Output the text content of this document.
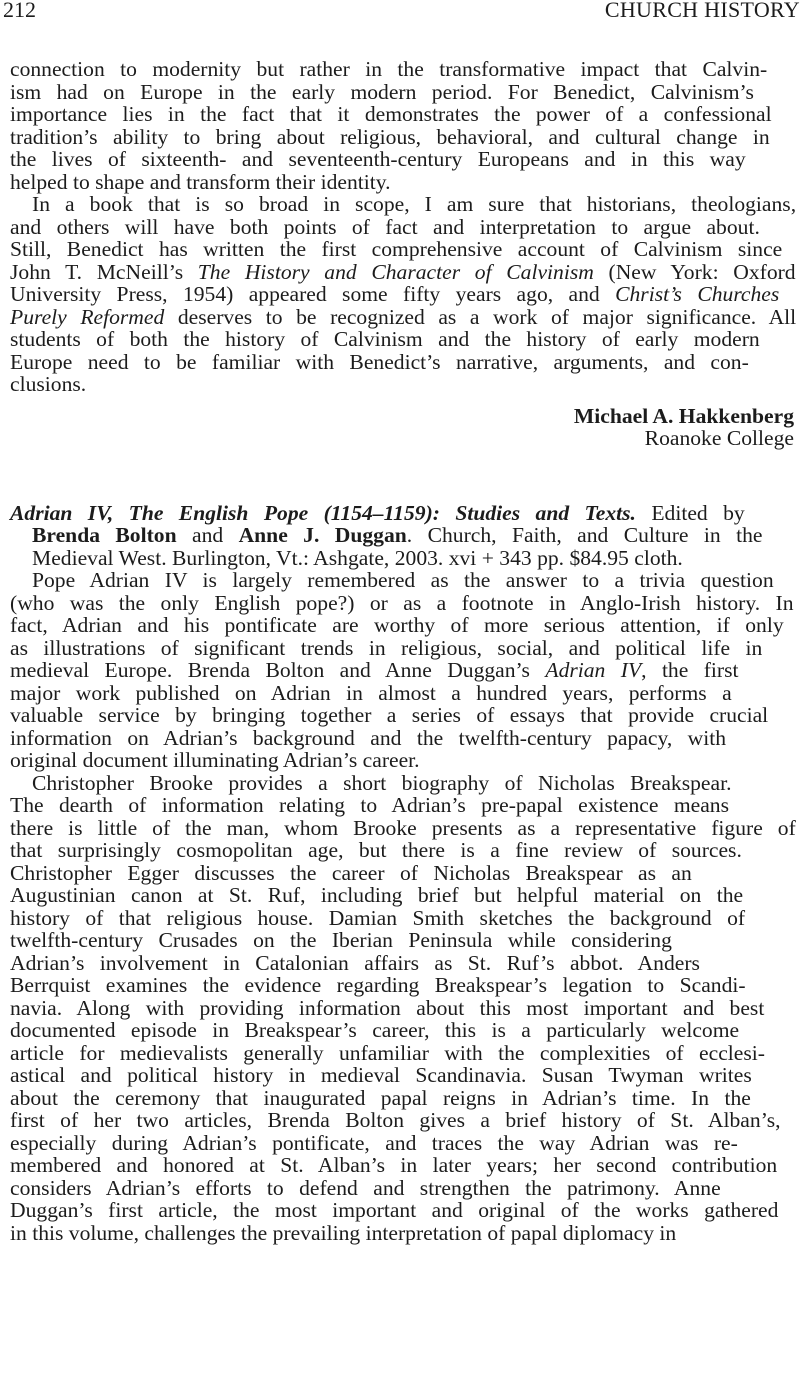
212	CHURCH HISTORY
connection to modernity but rather in the transformative impact that Calvin-
ism had on Europe in the early modern period. For Benedict, Calvinism’s
importance lies in the fact that it demonstrates the power of a confessional
tradition’s ability to bring about religious, behavioral, and cultural change in
the lives of sixteenth- and seventeenth-century Europeans and in this way
helped to shape and transform their identity.
In a book that is so broad in scope, I am sure that historians, theologians,
and others will have both points of fact and interpretation to argue about.
Still, Benedict has written the first comprehensive account of Calvinism since
John T. McNeill’s The History and Character of Calvinism (New York: Oxford
University Press, 1954) appeared some fifty years ago, and Christ’s Churches
Purely Reformed deserves to be recognized as a work of major significance. All
students of both the history of Calvinism and the history of early modern
Europe need to be familiar with Benedict’s narrative, arguments, and con-
clusions.
Michael A. Hakkenberg
Roanoke College
Adrian IV, The English Pope (1154–1159): Studies and Texts. Edited by
Brenda Bolton and Anne J. Duggan. Church, Faith, and Culture in the
Medieval West. Burlington, Vt.: Ashgate, 2003. xvi + 343 pp. $84.95 cloth.
Pope Adrian IV is largely remembered as the answer to a trivia question
(who was the only English pope?) or as a footnote in Anglo-Irish history. In
fact, Adrian and his pontificate are worthy of more serious attention, if only
as illustrations of significant trends in religious, social, and political life in
medieval Europe. Brenda Bolton and Anne Duggan’s Adrian IV, the first
major work published on Adrian in almost a hundred years, performs a
valuable service by bringing together a series of essays that provide crucial
information on Adrian’s background and the twelfth-century papacy, with
original document illuminating Adrian’s career.
Christopher Brooke provides a short biography of Nicholas Breakspear.
The dearth of information relating to Adrian’s pre-papal existence means
there is little of the man, whom Brooke presents as a representative figure of
that surprisingly cosmopolitan age, but there is a fine review of sources.
Christopher Egger discusses the career of Nicholas Breakspear as an
Augustinian canon at St. Ruf, including brief but helpful material on the
history of that religious house. Damian Smith sketches the background of
twelfth-century Crusades on the Iberian Peninsula while considering
Adrian’s involvement in Catalonian affairs as St. Ruf’s abbot. Anders
Berrquist examines the evidence regarding Breakspear’s legation to Scandi-
navia. Along with providing information about this most important and best
documented episode in Breakspear’s career, this is a particularly welcome
article for medievalists generally unfamiliar with the complexities of ecclesi-
astical and political history in medieval Scandinavia. Susan Twyman writes
about the ceremony that inaugurated papal reigns in Adrian’s time. In the
first of her two articles, Brenda Bolton gives a brief history of St. Alban’s,
especially during Adrian’s pontificate, and traces the way Adrian was re-
membered and honored at St. Alban’s in later years; her second contribution
considers Adrian’s efforts to defend and strengthen the patrimony. Anne
Duggan’s first article, the most important and original of the works gathered
in this volume, challenges the prevailing interpretation of papal diplomacy in
